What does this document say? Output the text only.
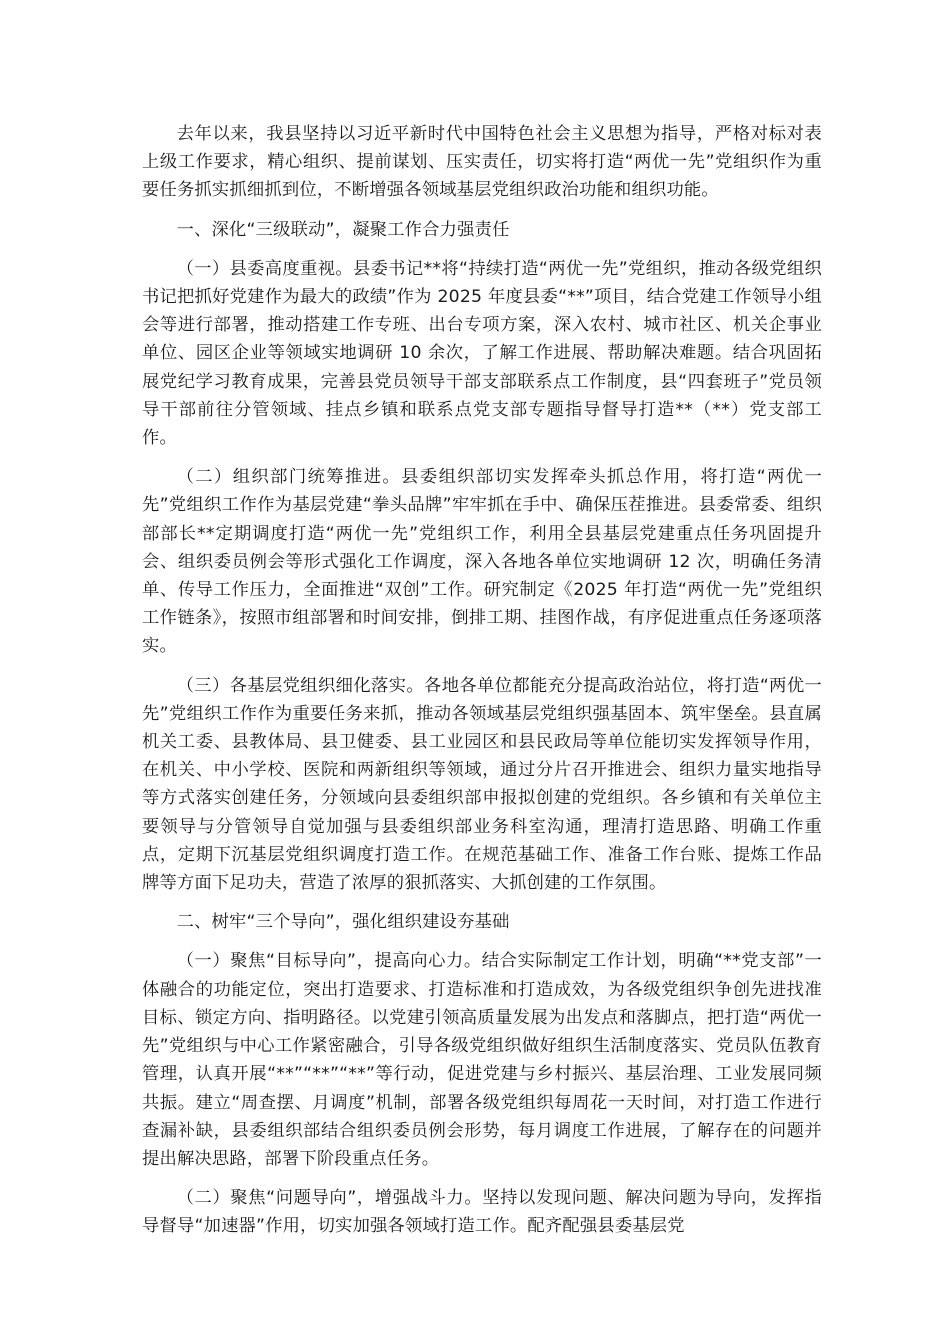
去年以来，我县坚持以习近平新时代中国特色社会主义思想为指导，严格对标对表上级工作要求，精心组织、提前谋划、压实责任，切实将打造“两优一先”党组织作为重要任务抓实抓细抓到位，不断增强各领域基层党组织政治功能和组织功能。

一、深化“三级联动”，凝聚工作合力强责任

（一）县委高度重视。县委书记**将“持续打造“两优一先”党组织，推动各级党组织书记把抓好党建作为最大的政绩”作为 2025 年度县委“**”项目，结合党建工作领导小组会等进行部署，推动搭建工作专班、出台专项方案，深入农村、城市社区、机关企事业单位、园区企业等领域实地调研 10 余次，了解工作进展、帮助解决难题。结合巩固拓展党纪学习教育成果，完善县党员领导干部支部联系点工作制度，县“四套班子”党员领导干部前往分管领域、挂点乡镇和联系点党支部专题指导督导打造**（**）党支部工作。

（二）组织部门统筹推进。县委组织部切实发挥牵头抓总作用，将打造“两优一先”党组织工作作为基层党建“拳头品牌”牢牢抓在手中、确保压茬推进。县委常委、组织部部长**定期调度打造“两优一先”党组织工作，利用全县基层党建重点任务巩固提升会、组织委员例会等形式强化工作调度，深入各地各单位实地调研 12 次，明确任务清单、传导工作压力，全面推进“双创”工作。研究制定《2025 年打造“两优一先”党组织工作链条》，按照市组部署和时间安排，倒排工期、挂图作战，有序促进重点任务逐项落实。

（三）各基层党组织细化落实。各地各单位都能充分提高政治站位，将打造“两优一先”党组织工作作为重要任务来抓，推动各领域基层党组织强基固本、筑牢堡垒。县直属机关工委、县教体局、县卫健委、县工业园区和县民政局等单位能切实发挥领导作用，在机关、中小学校、医院和两新组织等领域，通过分片召开推进会、组织力量实地指导等方式落实创建任务，分领域向县委组织部申报拟创建的党组织。各乡镇和有关单位主要领导与分管领导自觉加强与县委组织部业务科室沟通，理清打造思路、明确工作重点，定期下沉基层党组织调度打造工作。在规范基础工作、准备工作台账、提炼工作品牌等方面下足功夫，营造了浓厚的狠抓落实、大抓创建的工作氛围。

二、树牢“三个导向”，强化组织建设夯基础

（一）聚焦“目标导向”，提高向心力。结合实际制定工作计划，明确“**党支部”一体融合的功能定位，突出打造要求、打造标准和打造成效，为各级党组织争创先进找准目标、锁定方向、指明路径。以党建引领高质量发展为出发点和落脚点，把打造“两优一先”党组织与中心工作紧密融合，引导各级党组织做好组织生活制度落实、党员队伍教育管理，认真开展“**”“**”“**”等行动，促进党建与乡村振兴、基层治理、工业发展同频共振。建立“周查摆、月调度”机制，部署各级党组织每周花一天时间，对打造工作进行查漏补缺，县委组织部结合组织委员例会形势，每月调度工作进展，了解存在的问题并提出解决思路，部署下阶段重点任务。

（二）聚焦“问题导向”，增强战斗力。坚持以发现问题、解决问题为导向，发挥指导督导“加速器”作用，切实加强各领域打造工作。配齐配强县委基层党
